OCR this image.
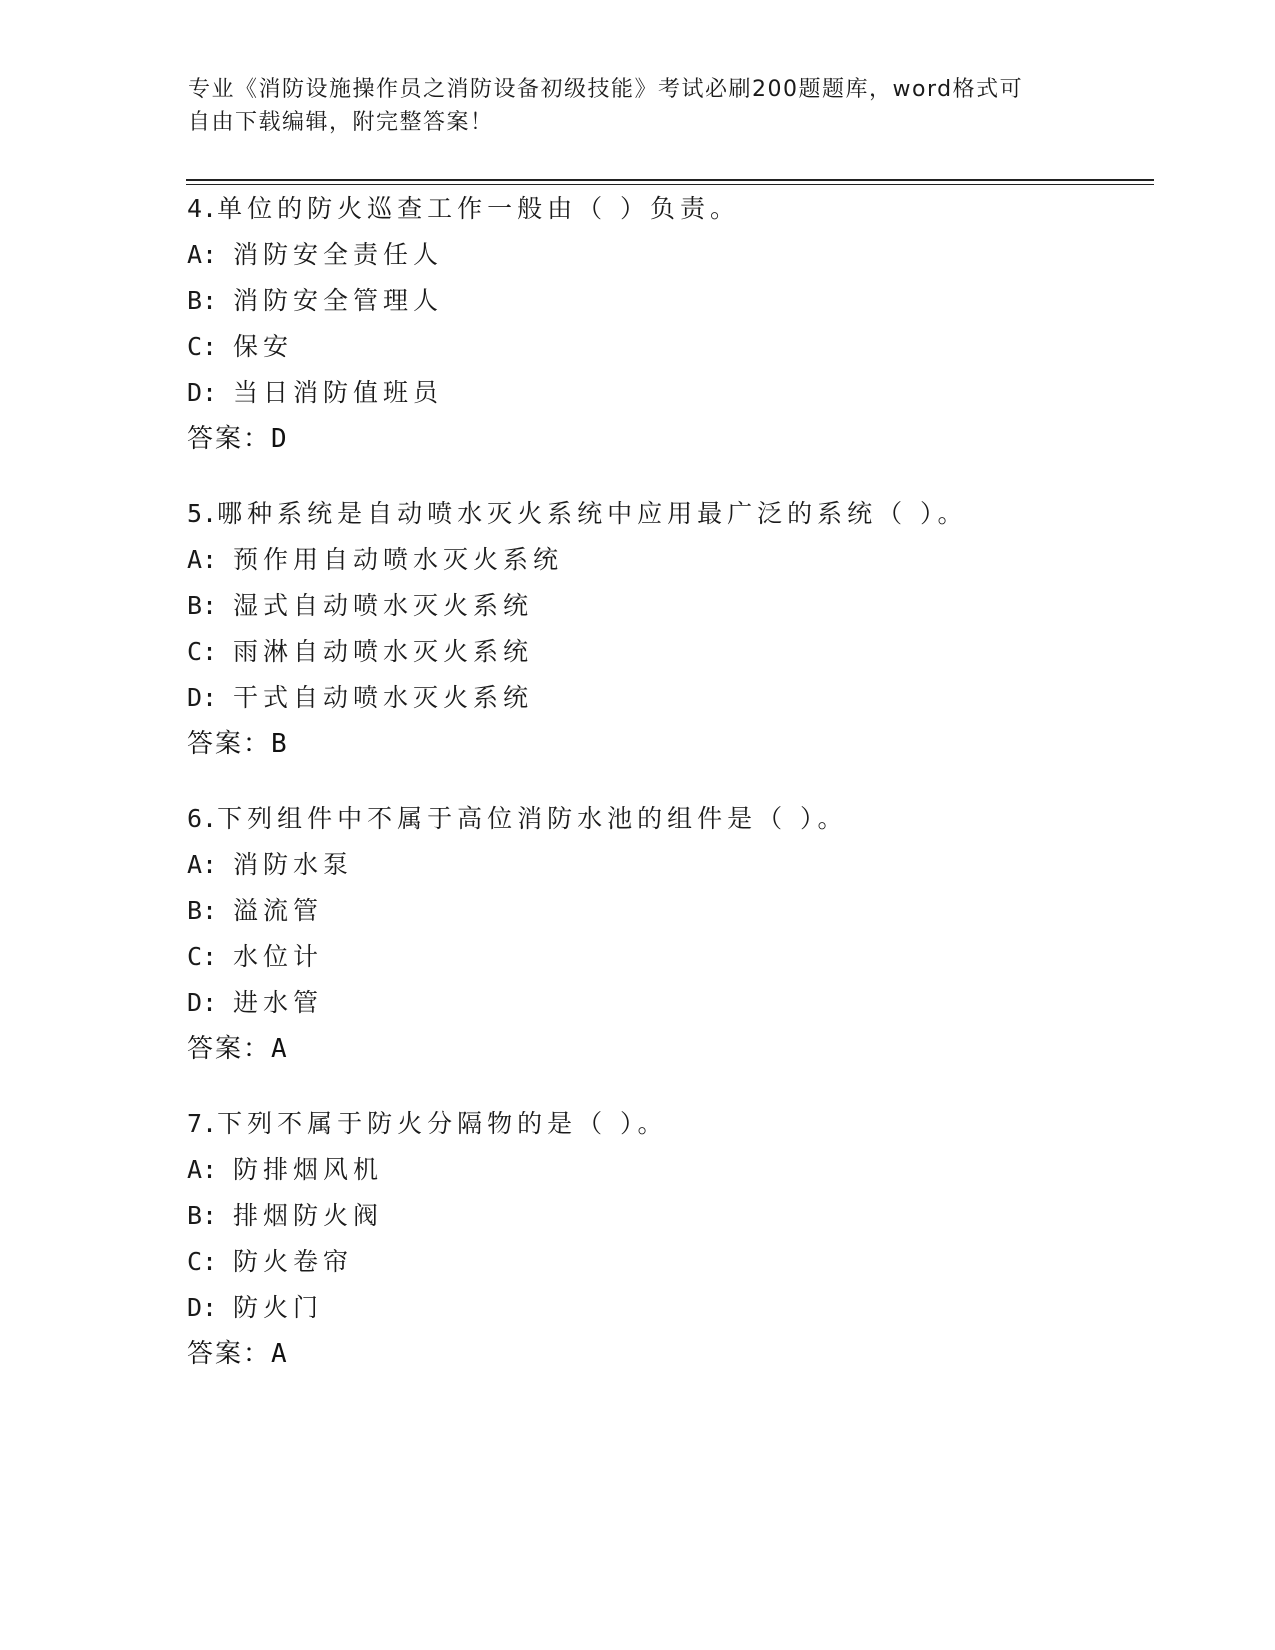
专业《消防设施操作员之消防设备初级技能》考试必刷200题题库，word格式可
自由下载编辑，附完整答案！
4.单位的防火巡查工作一般由（ ）负责。
A: 消防安全责任人
B: 消防安全管理人
C: 保安
D: 当日消防值班员
答案：D
5.哪种系统是自动喷水灭火系统中应用最广泛的系统（ ）。
A: 预作用自动喷水灭火系统
B: 湿式自动喷水灭火系统
C: 雨淋自动喷水灭火系统
D: 干式自动喷水灭火系统
答案：B
6.下列组件中不属于高位消防水池的组件是（ ）。
A: 消防水泵
B: 溢流管
C: 水位计
D: 进水管
答案：A
7.下列不属于防火分隔物的是（ ）。
A: 防排烟风机
B: 排烟防火阀
C: 防火卷帘
D: 防火门
答案：A
